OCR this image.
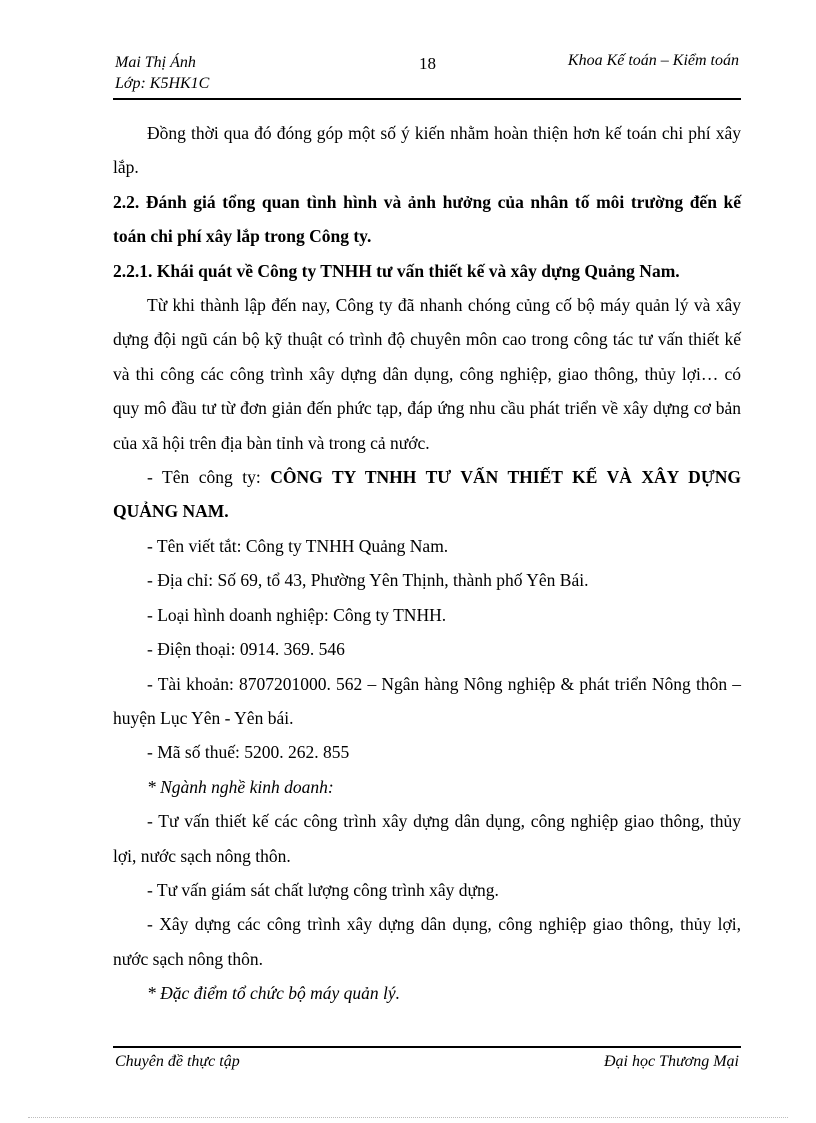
Mai Thị Ánh
Lớp: K5HK1C
18	Khoa Kế toán – Kiểm toán

Đồng thời qua đó đóng góp một số ý kiến nhằm hoàn thiện hơn kế toán chi phí xây lắp.

2.2. Đánh giá tổng quan tình hình và ảnh hưởng của nhân tố môi trường đến kế toán chi phí xây lắp trong Công ty.

2.2.1. Khái quát về Công ty TNHH tư vấn thiết kế và xây dựng Quảng Nam.

Từ khi thành lập đến nay, Công ty đã nhanh chóng củng cố bộ máy quản lý và xây dựng đội ngũ cán bộ kỹ thuật có trình độ chuyên môn cao trong công tác tư vấn thiết kế và thi công các công trình xây dựng dân dụng, công nghiệp, giao thông, thủy lợi… có quy mô đầu tư từ đơn giản đến phức tạp, đáp ứng nhu cầu phát triển về xây dựng cơ bản của xã hội trên địa bàn tỉnh và trong cả nước.

- Tên công ty: CÔNG TY TNHH TƯ VẤN THIẾT KẾ VÀ XÂY DỰNG QUẢNG NAM.

- Tên viết tắt: Công ty TNHH Quảng Nam.

- Địa chỉ: Số 69, tổ 43, Phường Yên Thịnh, thành phố Yên Bái.

- Loại hình doanh nghiệp: Công ty TNHH.

- Điện thoại: 0914. 369. 546

- Tài khoản: 8707201000. 562 – Ngân hàng Nông nghiệp & phát triển Nông thôn – huyện Lục Yên - Yên bái.

- Mã số thuế: 5200. 262. 855

* Ngành nghề kinh doanh:

- Tư vấn thiết kế các công trình xây dựng dân dụng, công nghiệp giao thông, thủy lợi, nước sạch nông thôn.

- Tư vấn giám sát chất lượng công trình xây dựng.

- Xây dựng các công trình xây dựng dân dụng, công nghiệp giao thông, thủy lợi, nước sạch nông thôn.

* Đặc điểm tổ chức bộ máy quản lý.

Chuyên đề thực tập	Đại học Thương Mại
